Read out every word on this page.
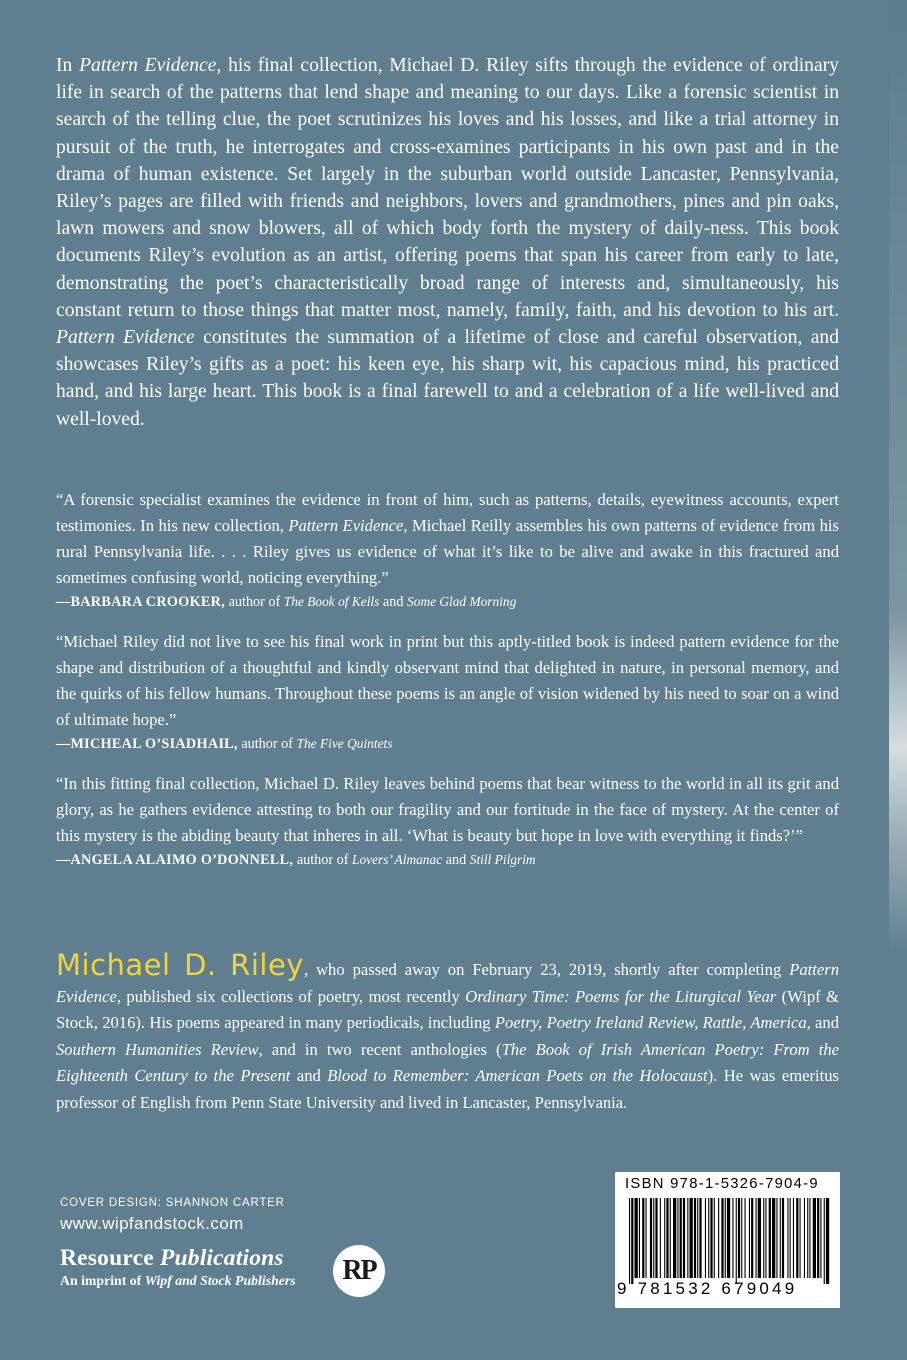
In Pattern Evidence, his final collection, Michael D. Riley sifts through the evidence of ordinary life in search of the patterns that lend shape and meaning to our days. Like a forensic scientist in search of the telling clue, the poet scrutinizes his loves and his losses, and like a trial attorney in pursuit of the truth, he interrogates and cross-examines participants in his own past and in the drama of human existence. Set largely in the suburban world outside Lancaster, Pennsylvania, Riley’s pages are filled with friends and neighbors, lovers and grandmothers, pines and pin oaks, lawn mowers and snow blowers, all of which body forth the mystery of daily-ness. This book documents Riley’s evolution as an artist, offering poems that span his career from early to late, demonstrating the poet’s characteristically broad range of interests and, simultaneously, his constant return to those things that matter most, namely, family, faith, and his devotion to his art. Pattern Evidence constitutes the summation of a lifetime of close and careful observation, and showcases Riley’s gifts as a poet: his keen eye, his sharp wit, his capacious mind, his practiced hand, and his large heart. This book is a final farewell to and a celebration of a life well-lived and well-loved.

“A forensic specialist examines the evidence in front of him, such as patterns, details, eyewitness accounts, expert testimonies. In his new collection, Pattern Evidence, Michael Reilly assembles his own patterns of evidence from his rural Pennsylvania life. . . . Riley gives us evidence of what it’s like to be alive and awake in this fractured and sometimes confusing world, noticing everything.”
—BARBARA CROOKER, author of The Book of Kells and Some Glad Morning

“Michael Riley did not live to see his final work in print but this aptly-titled book is indeed pattern evidence for the shape and distribution of a thoughtful and kindly observant mind that delighted in nature, in personal memory, and the quirks of his fellow humans. Throughout these poems is an angle of vision widened by his need to soar on a wind of ultimate hope.”
—MICHEAL O’SIADHAIL, author of The Five Quintets

“In this fitting final collection, Michael D. Riley leaves behind poems that bear witness to the world in all its grit and glory, as he gathers evidence attesting to both our fragility and our fortitude in the face of mystery. At the center of this mystery is the abiding beauty that inheres in all. ‘What is beauty but hope in love with everything it finds?’”
—ANGELA ALAIMO O’DONNELL, author of Lovers’ Almanac and Still Pilgrim

Michael D. Riley, who passed away on February 23, 2019, shortly after completing Pattern Evidence, published six collections of poetry, most recently Ordinary Time: Poems for the Liturgical Year (Wipf & Stock, 2016). His poems appeared in many periodicals, including Poetry, Poetry Ireland Review, Rattle, America, and Southern Humanities Review, and in two recent anthologies (The Book of Irish American Poetry: From the Eighteenth Century to the Present and Blood to Remember: American Poets on the Holocaust). He was emeritus professor of English from Penn State University and lived in Lancaster, Pennsylvania.

COVER DESIGN: SHANNON CARTER
www.wipfandstock.com
Resource Publications
An imprint of Wipf and Stock Publishers	RP
ISBN 978-1-5326-7904-9
9 781532 679049
